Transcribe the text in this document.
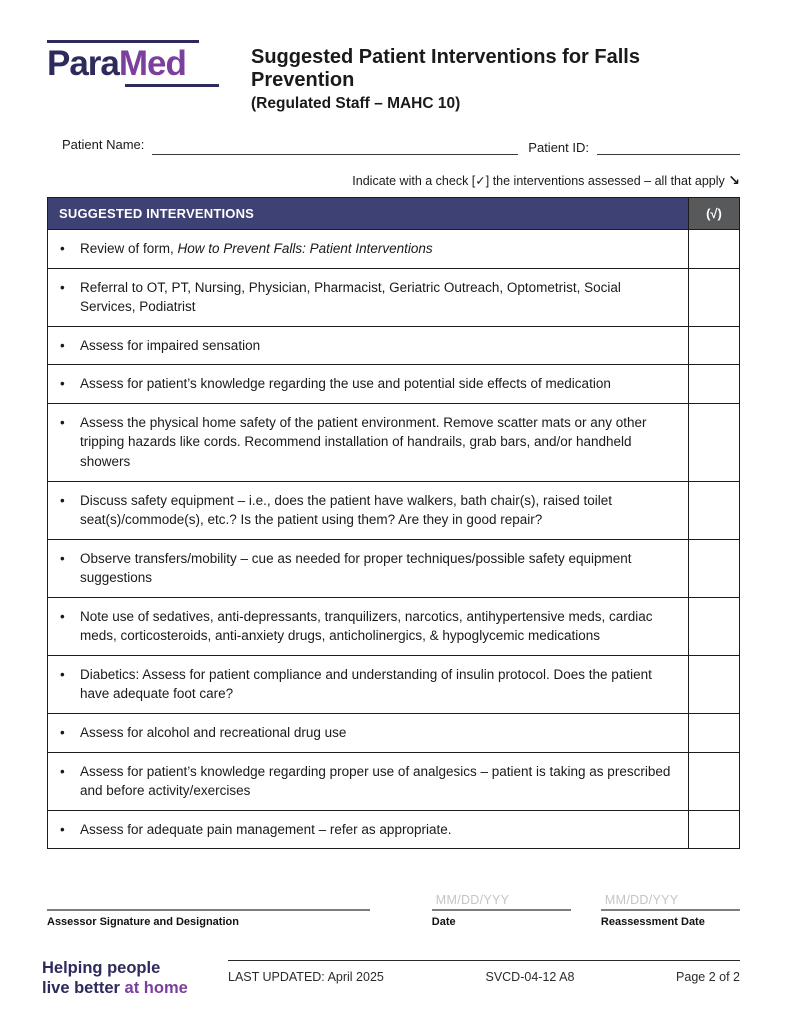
ParaMed	Suggested Patient Interventions for Falls Prevention
(Regulated Staff – MAHC 10)
Patient Name:	Patient ID:
Indicate with a check [✓] the interventions assessed – all that apply ↘
SUGGESTED INTERVENTIONS	(√)
• Review of form, How to Prevent Falls: Patient Interventions	
• Referral to OT, PT, Nursing, Physician, Pharmacist, Geriatric Outreach, Optometrist, Social Services, Podiatrist	
• Assess for impaired sensation	
• Assess for patient’s knowledge regarding the use and potential side effects of medication	
• Assess the physical home safety of the patient environment. Remove scatter mats or any other tripping hazards like cords. Recommend installation of handrails, grab bars, and/or handheld showers	
• Discuss safety equipment – i.e., does the patient have walkers, bath chair(s), raised toilet seat(s)/commode(s), etc.? Is the patient using them? Are they in good repair?	
• Observe transfers/mobility – cue as needed for proper techniques/possible safety equipment suggestions	
• Note use of sedatives, anti-depressants, tranquilizers, narcotics, antihypertensive meds, cardiac meds, corticosteroids, anti-anxiety drugs, anticholinergics, & hypoglycemic medications	
• Diabetics: Assess for patient compliance and understanding of insulin protocol. Does the patient have adequate foot care?	
• Assess for alcohol and recreational drug use	
• Assess for patient’s knowledge regarding proper use of analgesics – patient is taking as prescribed and before activity/exercises	
• Assess for adequate pain management – refer as appropriate.	
Assessor Signature and Designation
MM/DD/YYY
Date
MM/DD/YYY
Reassessment Date
Helping people
live better at home
LAST UPDATED: April 2025	SVCD-04-12 A8	Page 2 of 2
